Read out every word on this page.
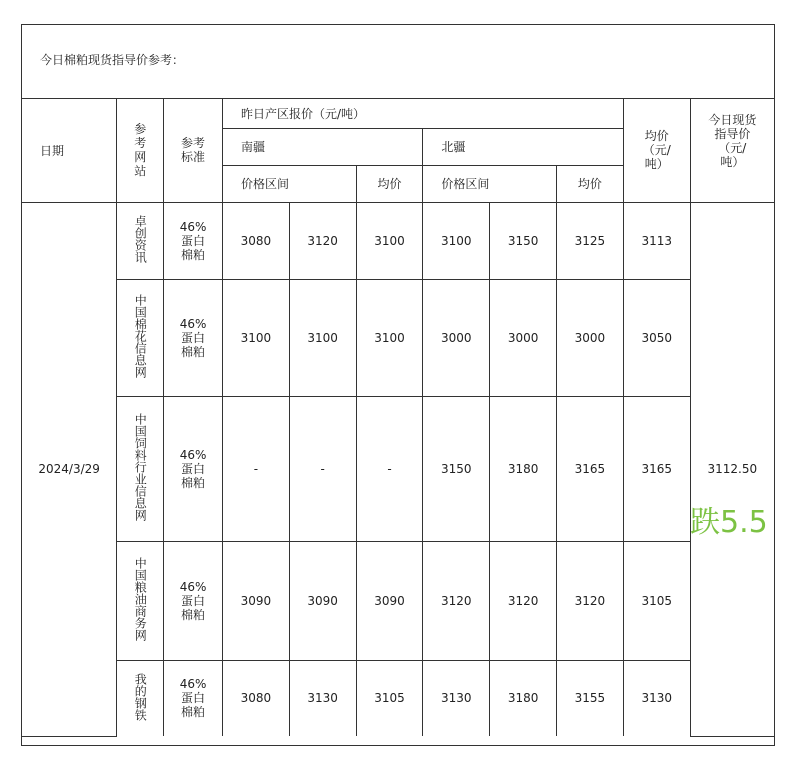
今日棉粕现货指导价参考：
日期	参
考
网
站	参考
标准	昨日产区报价（元/吨）						均价
（元/
吨）	今日现货
指导价
（元/
吨）
			南疆			北疆				
			价格区间		均价	价格区间		均价		
2024/3/29	卓创资讯	46%
蛋白
棉粕	3080	3120	3100	3100	3150	3125	3113	3112.50
	中国棉花信息网	46%
蛋白
棉粕	3100	3100	3100	3000	3000	3000	3050	
	中国饲料行业信息网	46%
蛋白
棉粕	-	-	-	3150	3180	3165	3165	
	中国粮油商务网	46%
蛋白
棉粕	3090	3090	3090	3120	3120	3120	3105	
	我的钢铁	46%
蛋白
棉粕	3080	3130	3105	3130	3180	3155	3130	
跌5.5
